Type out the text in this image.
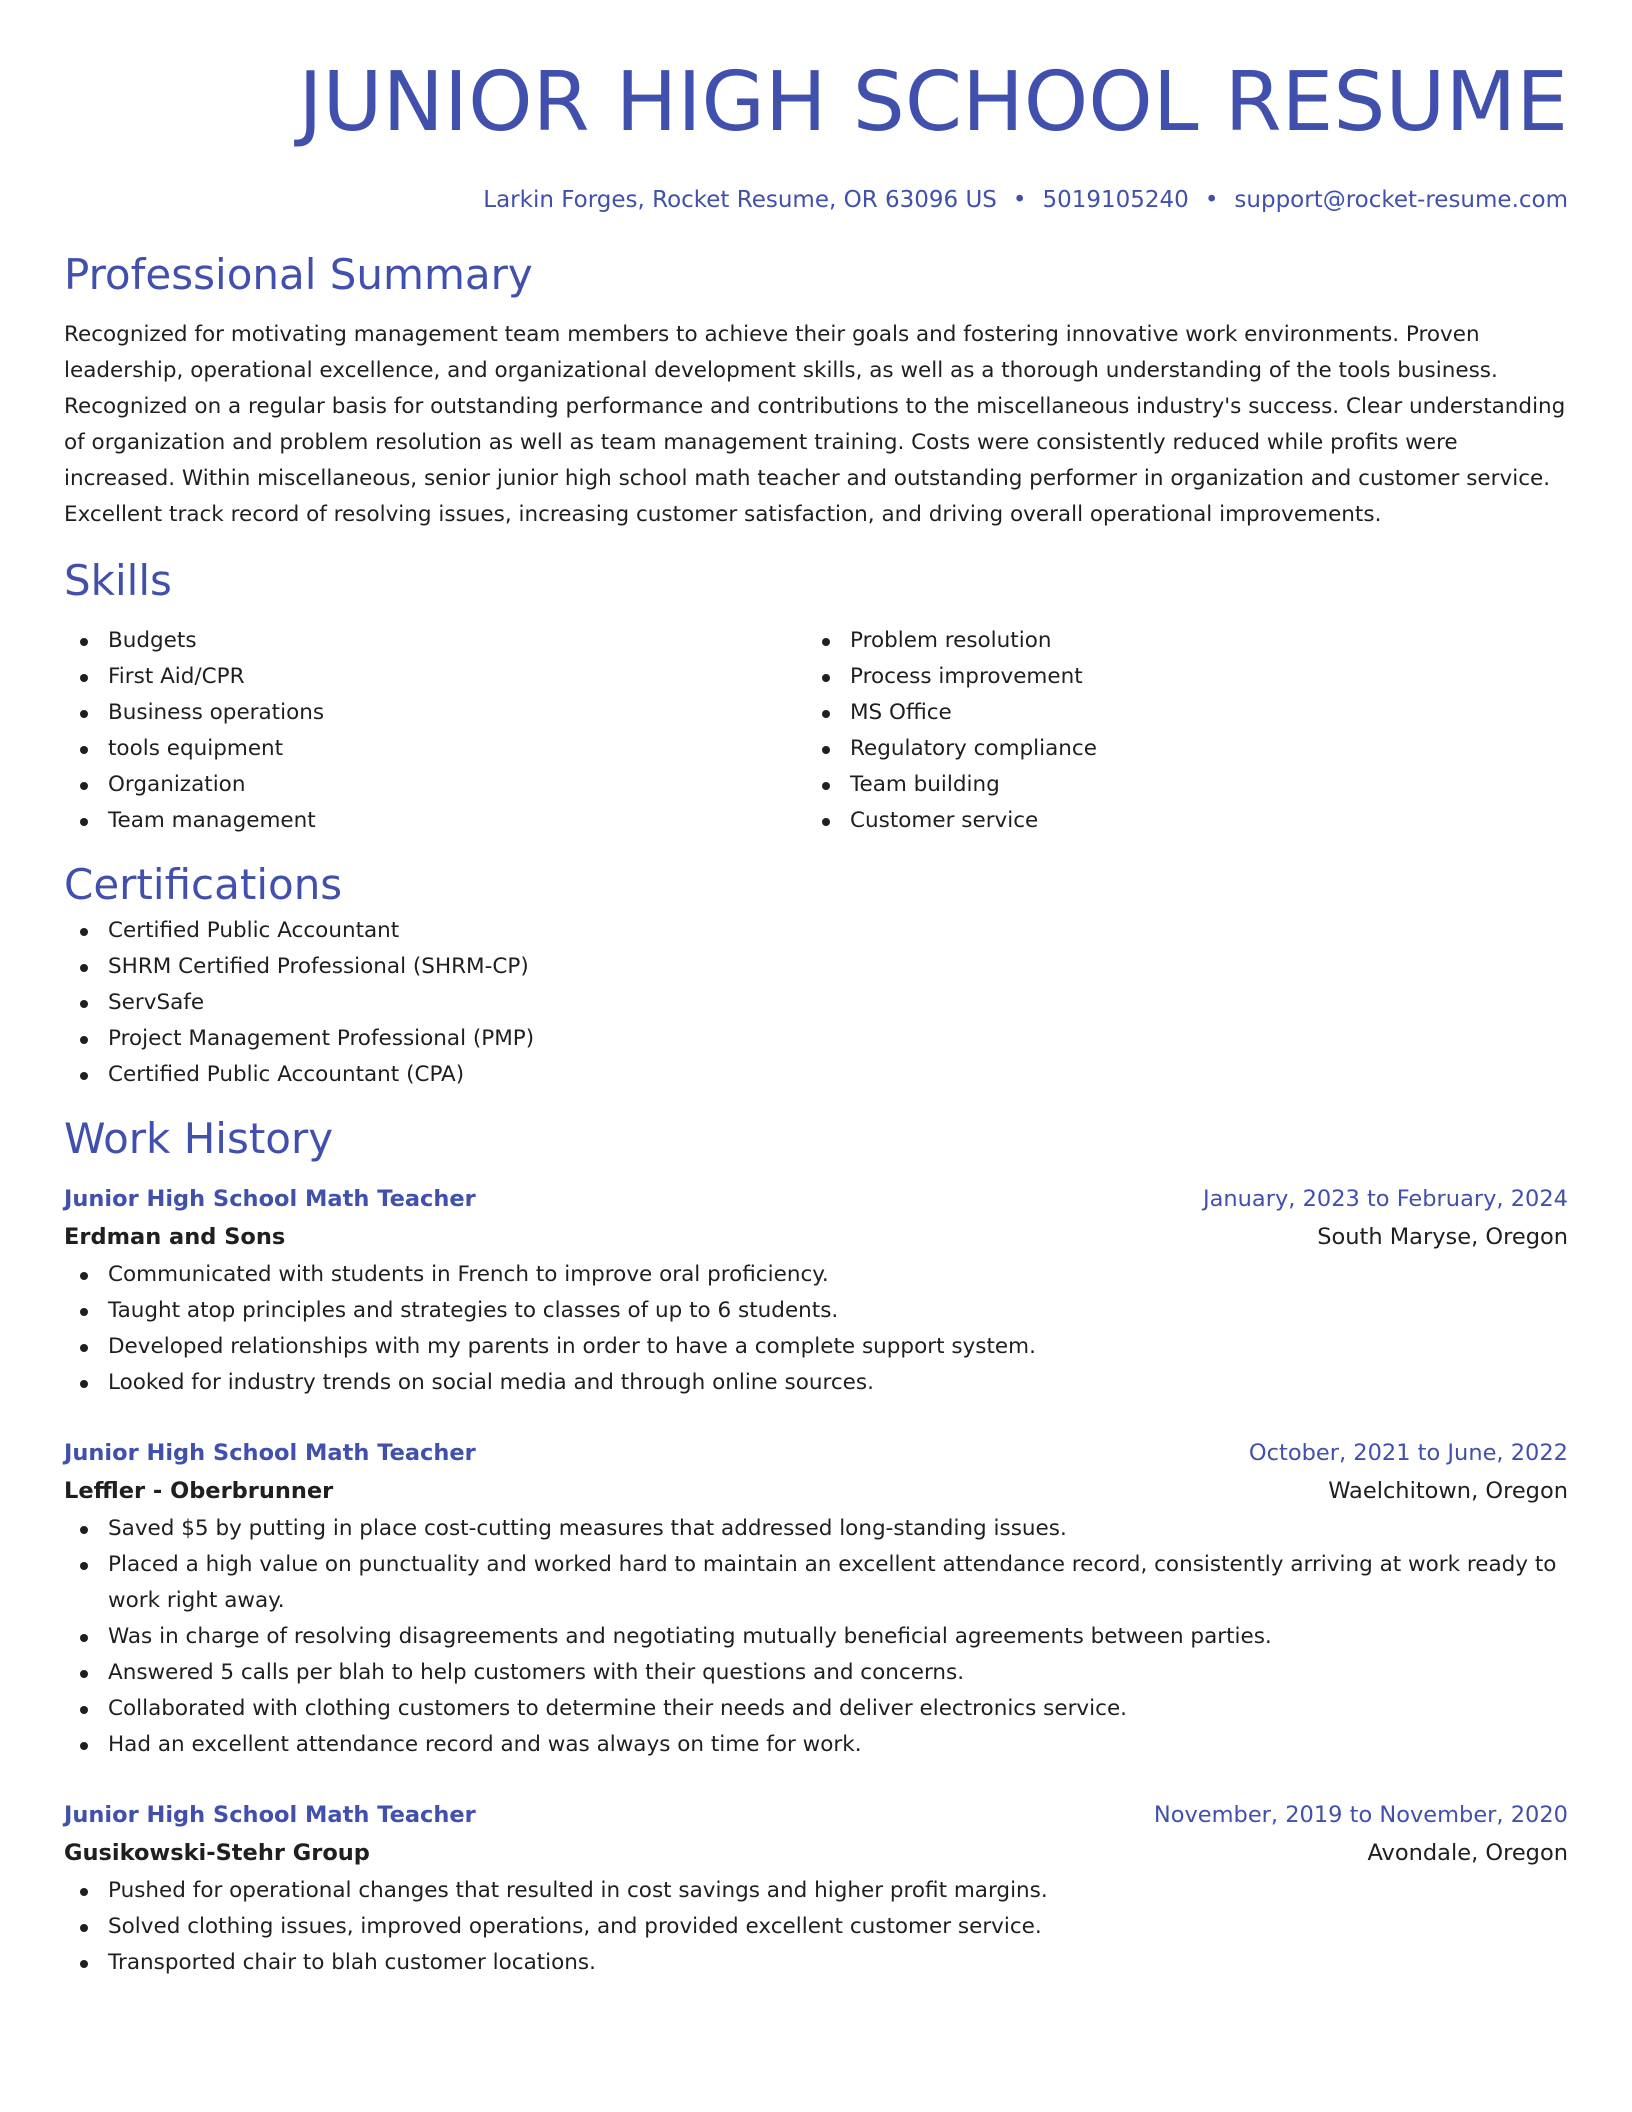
JUNIOR HIGH SCHOOL RESUME
Larkin Forges, Rocket Resume, OR 63096 US • 5019105240 • support@rocket-resume.com
Professional Summary
Recognized for motivating management team members to achieve their goals and fostering innovative work environments. Proven leadership, operational excellence, and organizational development skills, as well as a thorough understanding of the tools business. Recognized on a regular basis for outstanding performance and contributions to the miscellaneous industry's success. Clear understanding of organization and problem resolution as well as team management training. Costs were consistently reduced while profits were increased. Within miscellaneous, senior junior high school math teacher and outstanding performer in organization and customer service. Excellent track record of resolving issues, increasing customer satisfaction, and driving overall operational improvements.
Skills
Budgets
First Aid/CPR
Business operations
tools equipment
Organization
Team management
Problem resolution
Process improvement
MS Office
Regulatory compliance
Team building
Customer service
Certifications
Certified Public Accountant
SHRM Certified Professional (SHRM-CP)
ServSafe
Project Management Professional (PMP)
Certified Public Accountant (CPA)
Work History
Junior High School Math Teacher	January, 2023 to February, 2024
Erdman and Sons	South Maryse, Oregon
Communicated with students in French to improve oral proficiency.
Taught atop principles and strategies to classes of up to 6 students.
Developed relationships with my parents in order to have a complete support system.
Looked for industry trends on social media and through online sources.
Junior High School Math Teacher	October, 2021 to June, 2022
Leffler - Oberbrunner	Waelchitown, Oregon
Saved $5 by putting in place cost-cutting measures that addressed long-standing issues.
Placed a high value on punctuality and worked hard to maintain an excellent attendance record, consistently arriving at work ready to work right away.
Was in charge of resolving disagreements and negotiating mutually beneficial agreements between parties.
Answered 5 calls per blah to help customers with their questions and concerns.
Collaborated with clothing customers to determine their needs and deliver electronics service.
Had an excellent attendance record and was always on time for work.
Junior High School Math Teacher	November, 2019 to November, 2020
Gusikowski-Stehr Group	Avondale, Oregon
Pushed for operational changes that resulted in cost savings and higher profit margins.
Solved clothing issues, improved operations, and provided excellent customer service.
Transported chair to blah customer locations.
